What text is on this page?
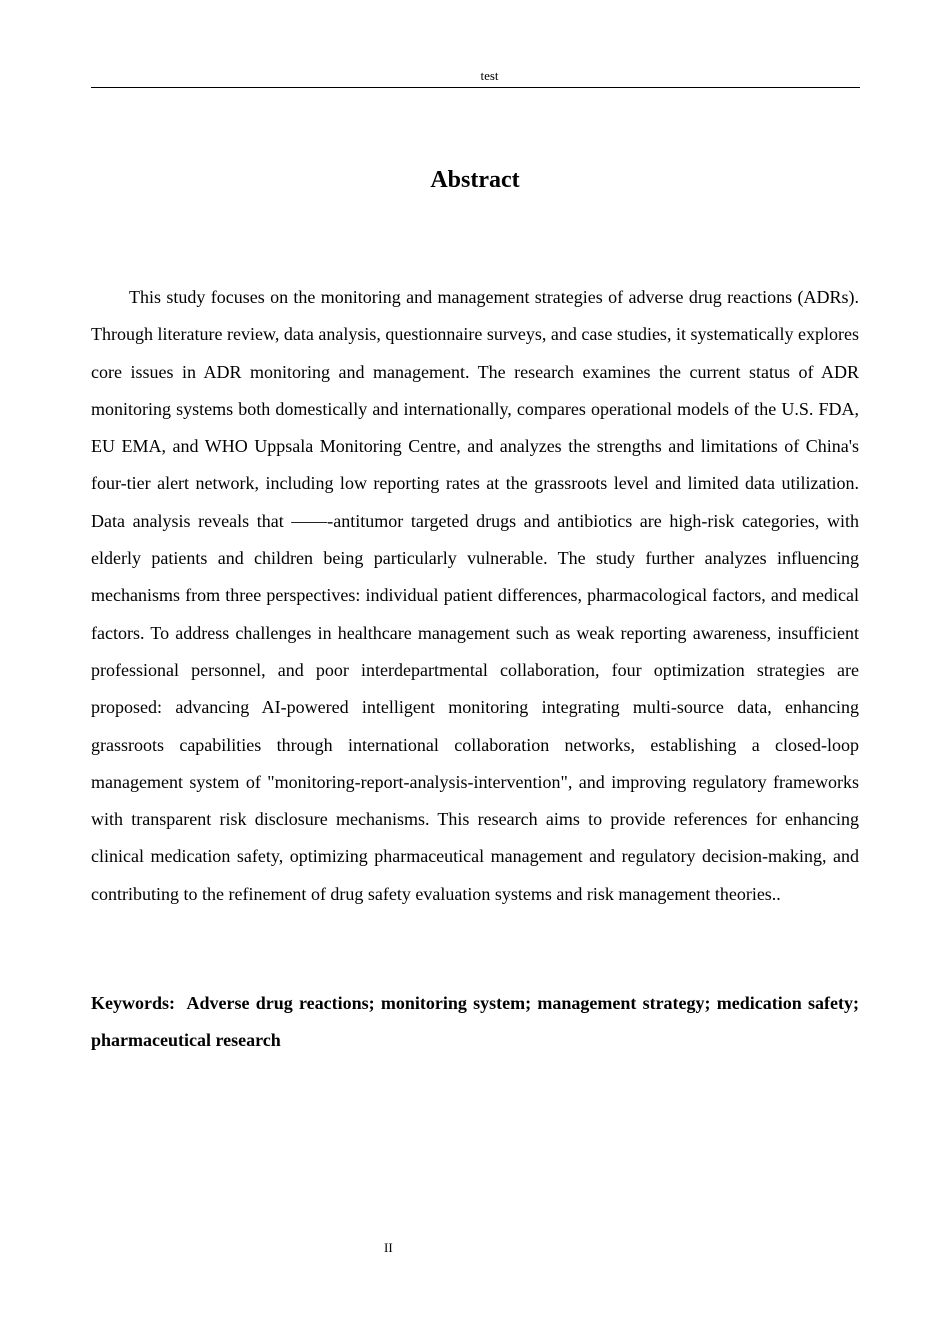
test
Abstract

This study focuses on the monitoring and management strategies of adverse drug reactions (ADRs). Through literature review, data analysis, questionnaire surveys, and case studies, it systematically explores core issues in ADR monitoring and management. The research examines the current status of ADR monitoring systems both domestically and internationally, compares operational models of the U.S. FDA, EU EMA, and WHO Uppsala Monitoring Centre, and analyzes the strengths and limitations of China's four-tier alert network, including low reporting rates at the grassroots level and limited data utilization. Data analysis reveals that ——-antitumor targeted drugs and antibiotics are high-risk categories, with elderly patients and children being particularly vulnerable. The study further analyzes influencing mechanisms from three perspectives: individual patient differences, pharmacological factors, and medical factors. To address challenges in healthcare management such as weak reporting awareness, insufficient professional personnel, and poor interdepartmental collaboration, four optimization strategies are proposed: advancing AI-powered intelligent monitoring integrating multi-source data, enhancing grassroots capabilities through international collaboration networks, establishing a closed-loop management system of "monitoring-report-analysis-intervention", and improving regulatory frameworks with transparent risk disclosure mechanisms. This research aims to provide references for enhancing clinical medication safety, optimizing pharmaceutical management and regulatory decision-making, and contributing to the refinement of drug safety evaluation systems and risk management theories..

Keywords: Adverse drug reactions; monitoring system; management strategy; medication safety; pharmaceutical research

II
